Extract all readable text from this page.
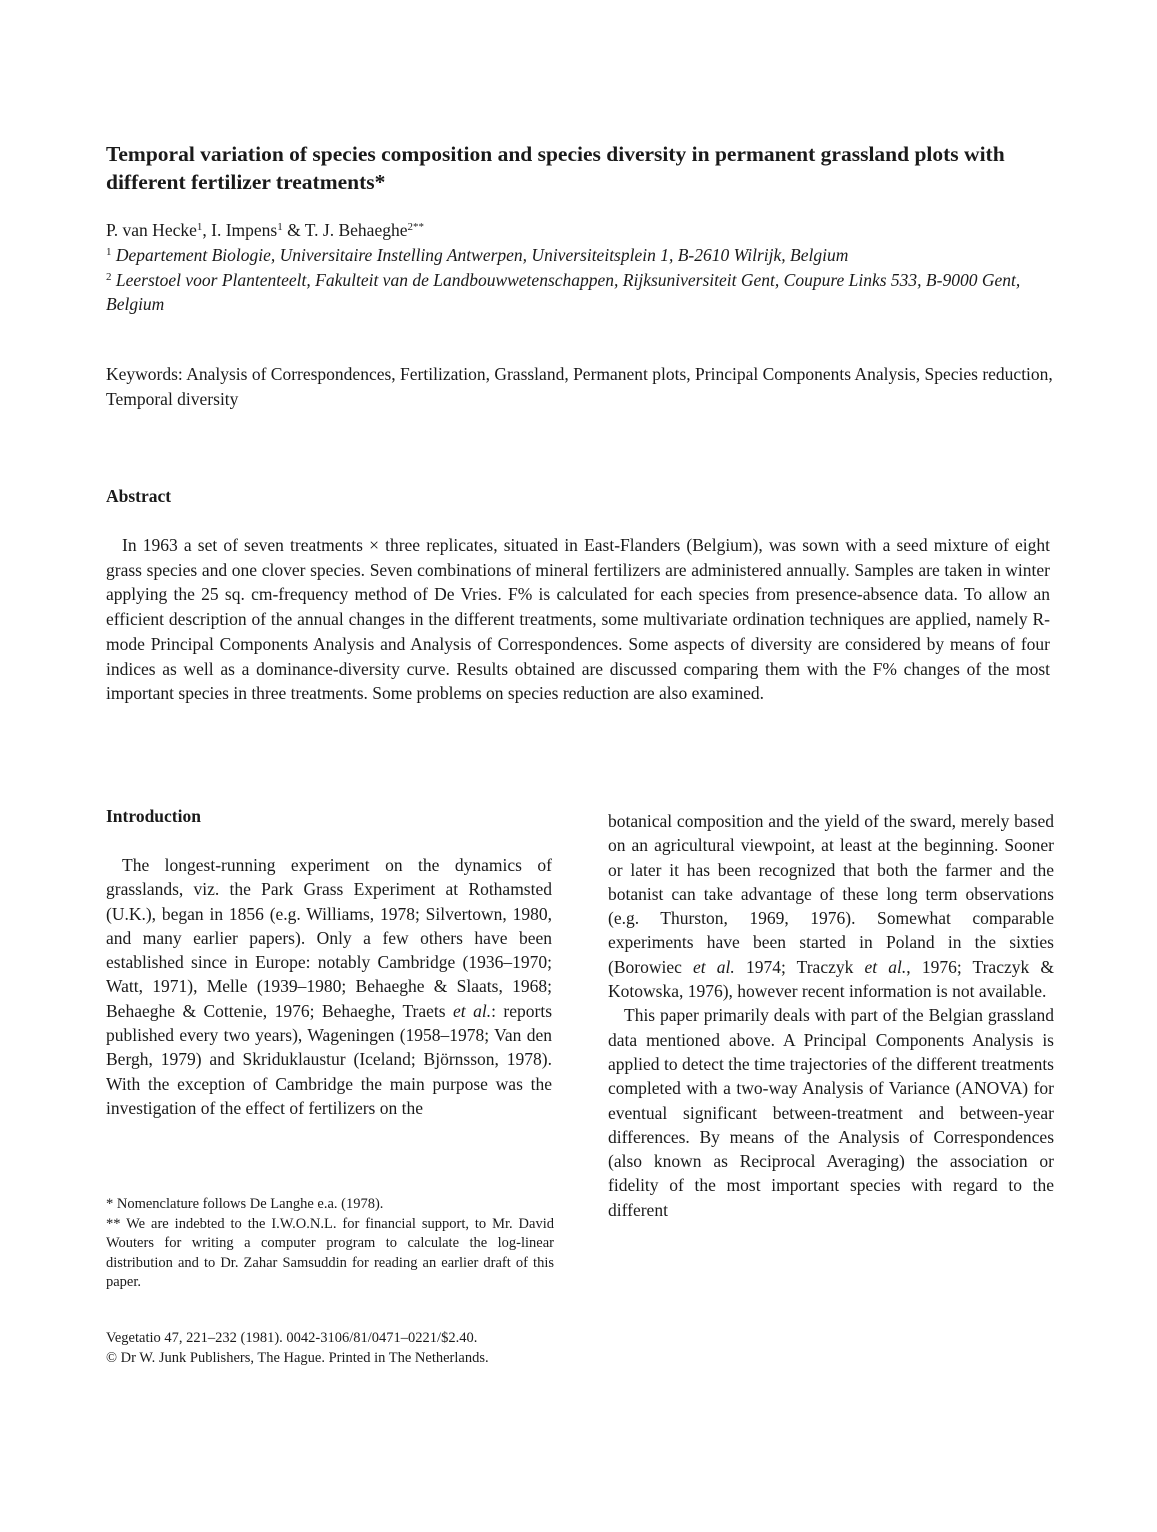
Temporal variation of species composition and species diversity in permanent grassland plots with different fertilizer treatments*
P. van Hecke$^1$, I. Impens$^1$ & T. J. Behaeghe$^{2**}$
$^1$ Departement Biologie, Universitaire Instelling Antwerpen, Universiteitsplein 1, B-2610 Wilrijk, Belgium
$^2$ Leerstoel voor Plantenteelt, Fakulteit van de Landbouwwetenschappen, Rijksuniversiteit Gent, Coupure Links 533, B-9000 Gent, Belgium
Keywords: Analysis of Correspondences, Fertilization, Grassland, Permanent plots, Principal Components Analysis, Species reduction, Temporal diversity
Abstract

In 1963 a set of seven treatments × three replicates, situated in East-Flanders (Belgium), was sown with a seed mixture of eight grass species and one clover species. Seven combinations of mineral fertilizers are administered annually. Samples are taken in winter applying the 25 sq. cm-frequency method of De Vries. F% is calculated for each species from presence-absence data. To allow an efficient description of the annual changes in the different treatments, some multivariate ordination techniques are applied, namely R-mode Principal Components Analysis and Analysis of Correspondences. Some aspects of diversity are considered by means of four indices as well as a dominance-diversity curve. Results obtained are discussed comparing them with the F% changes of the most important species in three treatments. Some problems on species reduction are also examined.

Introduction

The longest-running experiment on the dynamics of grasslands, viz. the Park Grass Experiment at Rothamsted (U.K.), began in 1856 (e.g. Williams, 1978; Silvertown, 1980, and many earlier papers). Only a few others have been established since in Europe: notably Cambridge (1936–1970; Watt, 1971), Melle (1939–1980; Behaeghe & Slaats, 1968; Behaeghe & Cottenie, 1976; Behaeghe, Traets et al.: reports published every two years), Wageningen (1958–1978; Van den Bergh, 1979) and Skriduklaustur (Iceland; Björnsson, 1978). With the exception of Cambridge the main purpose was the investigation of the effect of fertilizers on the

botanical composition and the yield of the sward, merely based on an agricultural viewpoint, at least at the beginning. Sooner or later it has been recognized that both the farmer and the botanist can take advantage of these long term observations (e.g. Thurston, 1969, 1976). Somewhat comparable experiments have been started in Poland in the sixties (Borowiec et al. 1974; Traczyk et al., 1976; Traczyk & Kotowska, 1976), however recent information is not available.

This paper primarily deals with part of the Belgian grassland data mentioned above. A Principal Components Analysis is applied to detect the time trajectories of the different treatments completed with a two-way Analysis of Variance (ANOVA) for eventual significant between-treatment and between-year differences. By means of the Analysis of Correspondences (also known as Reciprocal Averaging) the association or fidelity of the most important species with regard to the different

* Nomenclature follows De Langhe e.a. (1978).

** We are indebted to the I.W.O.N.L. for financial support, to Mr. David Wouters for writing a computer program to calculate the log-linear distribution and to Dr. Zahar Samsuddin for reading an earlier draft of this paper.

Vegetatio 47, 221–232 (1981). 0042-3106/81/0471–0221/$2.40.

© Dr W. Junk Publishers, The Hague. Printed in The Netherlands.
